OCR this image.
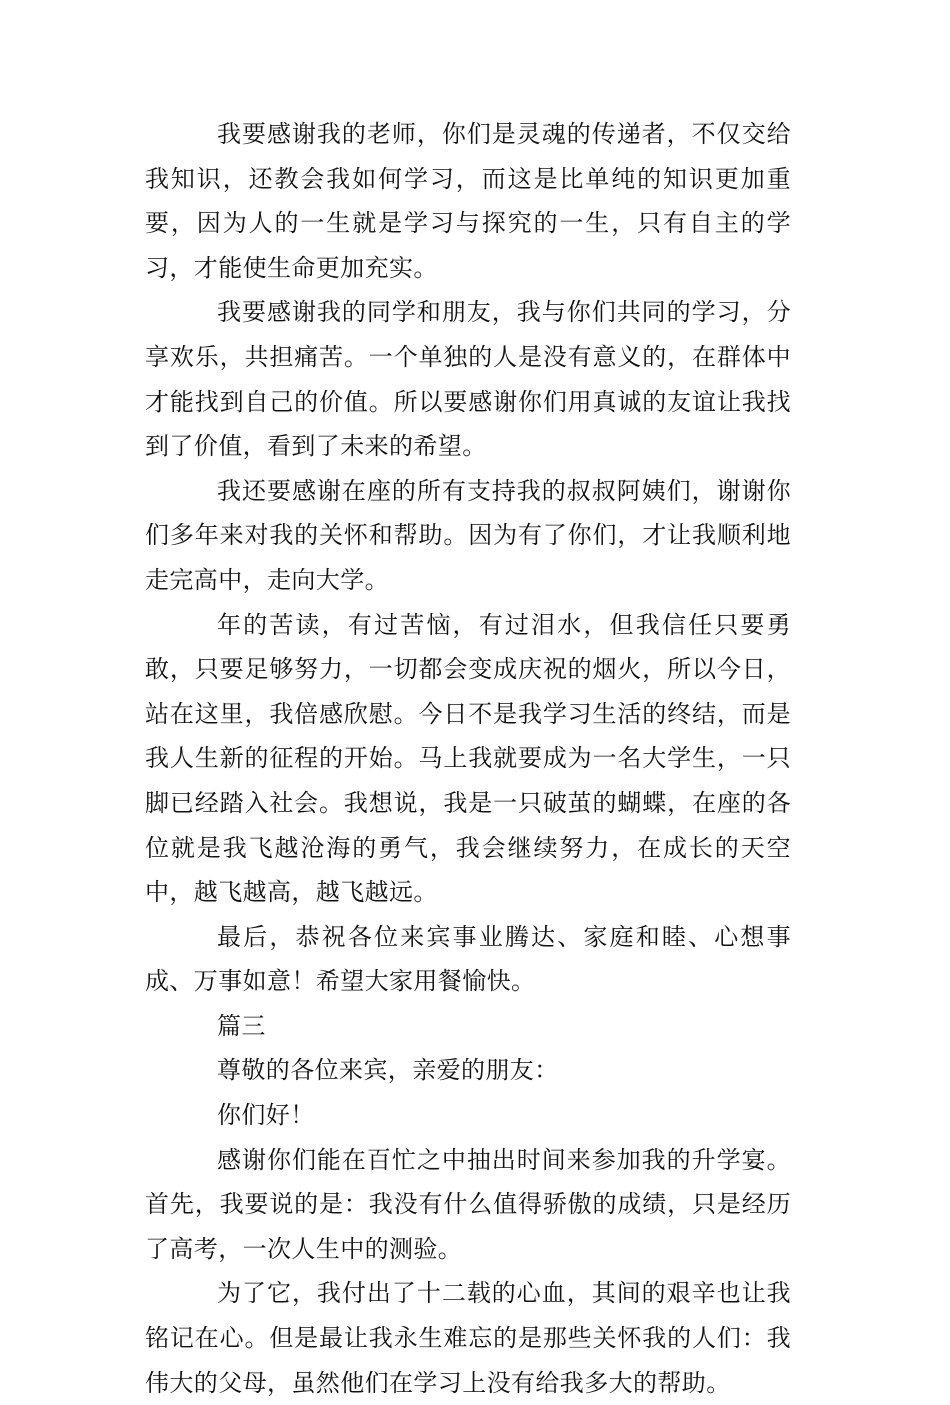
我要感谢我的老师，你们是灵魂的传递者，不仅交给我知识，还教会我如何学习，而这是比单纯的知识更加重要，因为人的一生就是学习与探究的一生，只有自主的学习，才能使生命更加充实。

我要感谢我的同学和朋友，我与你们共同的学习，分享欢乐，共担痛苦。一个单独的人是没有意义的，在群体中才能找到自己的价值。所以要感谢你们用真诚的友谊让我找到了价值，看到了未来的希望。

我还要感谢在座的所有支持我的叔叔阿姨们，谢谢你们多年来对我的关怀和帮助。因为有了你们，才让我顺利地走完高中，走向大学。

年的苦读，有过苦恼，有过泪水，但我信任只要勇敢，只要足够努力，一切都会变成庆祝的烟火，所以今日，站在这里，我倍感欣慰。今日不是我学习生活的终结，而是我人生新的征程的开始。马上我就要成为一名大学生，一只脚已经踏入社会。我想说，我是一只破茧的蝴蝶，在座的各位就是我飞越沧海的勇气，我会继续努力，在成长的天空中，越飞越高，越飞越远。

最后，恭祝各位来宾事业腾达、家庭和睦、心想事成、万事如意！希望大家用餐愉快。

篇三

尊敬的各位来宾，亲爱的朋友：

你们好！

感谢你们能在百忙之中抽出时间来参加我的升学宴。首先，我要说的是：我没有什么值得骄傲的成绩，只是经历了高考，一次人生中的测验。

为了它，我付出了十二载的心血，其间的艰辛也让我铭记在心。但是最让我永生难忘的是那些关怀我的人们：我伟大的父母，虽然他们在学习上没有给我多大的帮助。
